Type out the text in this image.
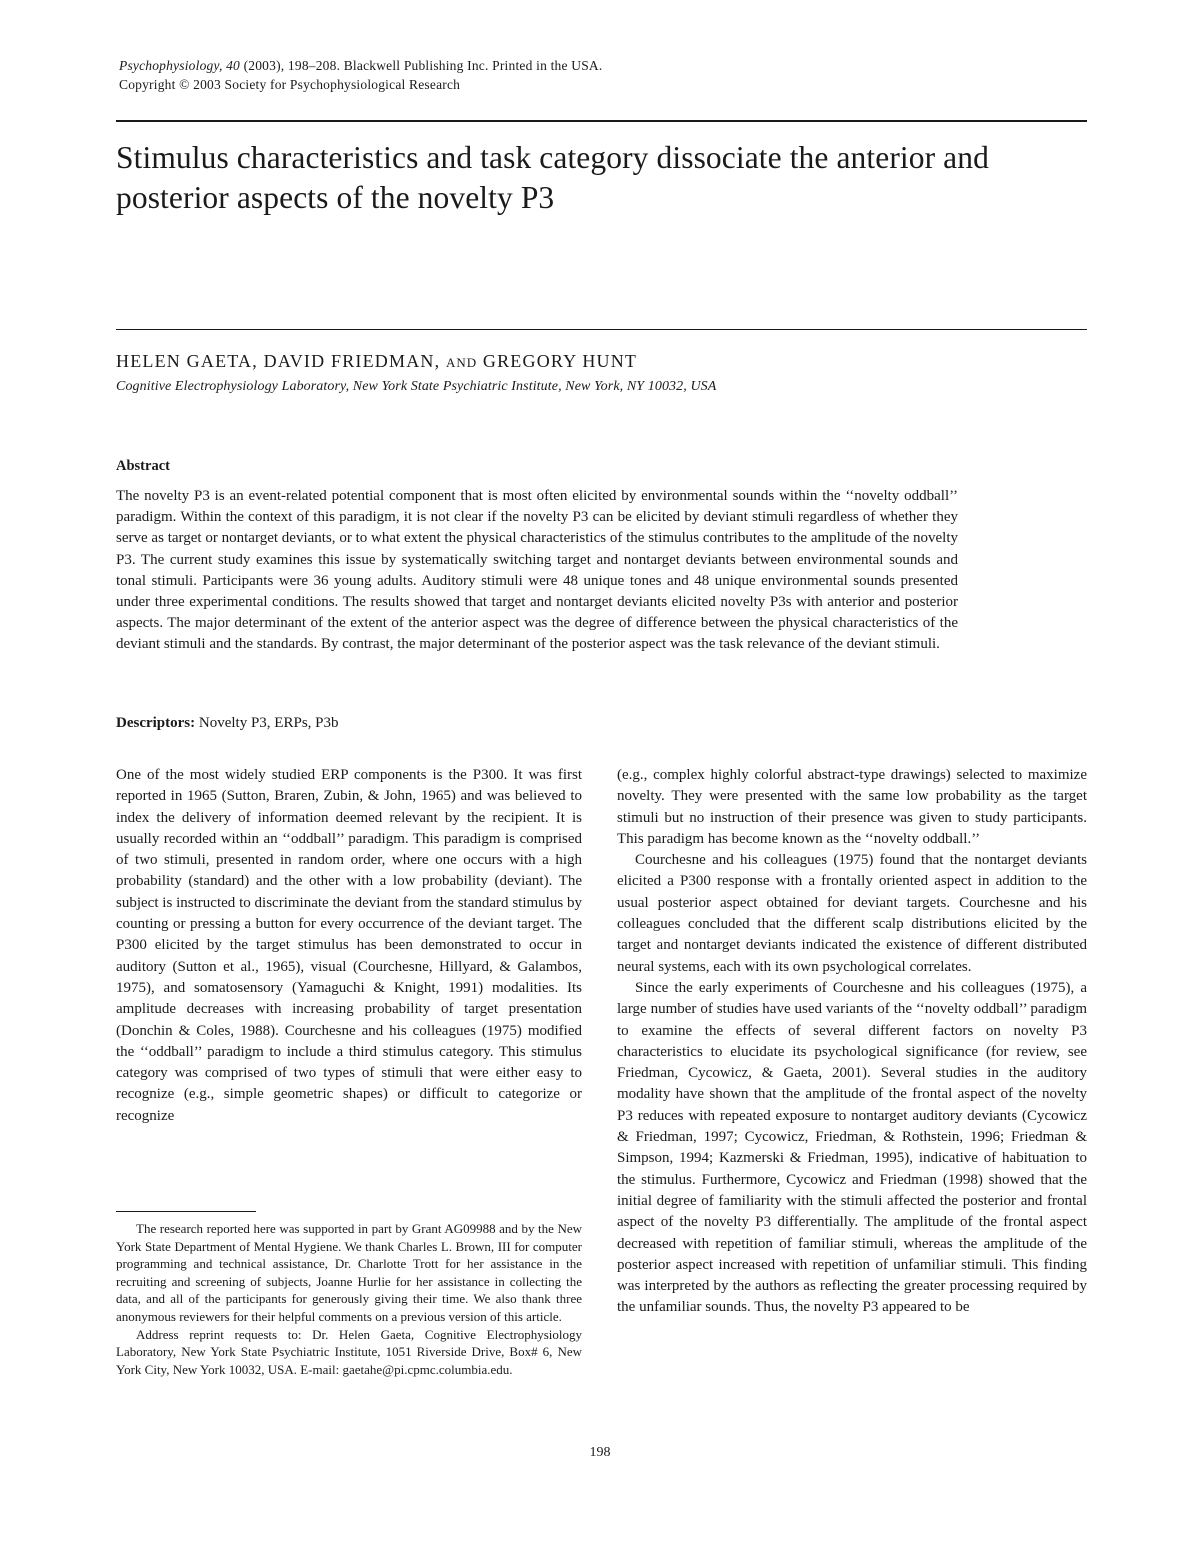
Psychophysiology, 40 (2003), 198–208. Blackwell Publishing Inc. Printed in the USA.
Copyright © 2003 Society for Psychophysiological Research
Stimulus characteristics and task category dissociate the anterior and posterior aspects of the novelty P3
HELEN GAETA, DAVID FRIEDMAN, AND GREGORY HUNT
Cognitive Electrophysiology Laboratory, New York State Psychiatric Institute, New York, NY 10032, USA
Abstract

The novelty P3 is an event-related potential component that is most often elicited by environmental sounds within the ‘‘novelty oddball’’ paradigm. Within the context of this paradigm, it is not clear if the novelty P3 can be elicited by deviant stimuli regardless of whether they serve as target or nontarget deviants, or to what extent the physical characteristics of the stimulus contributes to the amplitude of the novelty P3. The current study examines this issue by systematically switching target and nontarget deviants between environmental sounds and tonal stimuli. Participants were 36 young adults. Auditory stimuli were 48 unique tones and 48 unique environmental sounds presented under three experimental conditions. The results showed that target and nontarget deviants elicited novelty P3s with anterior and posterior aspects. The major determinant of the extent of the anterior aspect was the degree of difference between the physical characteristics of the deviant stimuli and the standards. By contrast, the major determinant of the posterior aspect was the task relevance of the deviant stimuli.

Descriptors: Novelty P3, ERPs, P3b

One of the most widely studied ERP components is the P300. It was first reported in 1965 (Sutton, Braren, Zubin, & John, 1965) and was believed to index the delivery of information deemed relevant by the recipient. It is usually recorded within an ‘‘oddball’’ paradigm. This paradigm is comprised of two stimuli, presented in random order, where one occurs with a high probability (standard) and the other with a low probability (deviant). The subject is instructed to discriminate the deviant from the standard stimulus by counting or pressing a button for every occurrence of the deviant target. The P300 elicited by the target stimulus has been demonstrated to occur in auditory (Sutton et al., 1965), visual (Courchesne, Hillyard, & Galambos, 1975), and somatosensory (Yamaguchi & Knight, 1991) modalities. Its amplitude decreases with increasing probability of target presentation (Donchin & Coles, 1988). Courchesne and his colleagues (1975) modified the ‘‘oddball’’ paradigm to include a third stimulus category. This stimulus category was comprised of two types of stimuli that were either easy to recognize (e.g., simple geometric shapes) or difficult to categorize or recognize

(e.g., complex highly colorful abstract-type drawings) selected to maximize novelty. They were presented with the same low probability as the target stimuli but no instruction of their presence was given to study participants. This paradigm has become known as the ‘‘novelty oddball.’’

Courchesne and his colleagues (1975) found that the nontarget deviants elicited a P300 response with a frontally oriented aspect in addition to the usual posterior aspect obtained for deviant targets. Courchesne and his colleagues concluded that the different scalp distributions elicited by the target and nontarget deviants indicated the existence of different distributed neural systems, each with its own psychological correlates.

Since the early experiments of Courchesne and his colleagues (1975), a large number of studies have used variants of the ‘‘novelty oddball’’ paradigm to examine the effects of several different factors on novelty P3 characteristics to elucidate its psychological significance (for review, see Friedman, Cycowicz, & Gaeta, 2001). Several studies in the auditory modality have shown that the amplitude of the frontal aspect of the novelty P3 reduces with repeated exposure to nontarget auditory deviants (Cycowicz & Friedman, 1997; Cycowicz, Friedman, & Rothstein, 1996; Friedman & Simpson, 1994; Kazmerski & Friedman, 1995), indicative of habituation to the stimulus. Furthermore, Cycowicz and Friedman (1998) showed that the initial degree of familiarity with the stimuli affected the posterior and frontal aspect of the novelty P3 differentially. The amplitude of the frontal aspect decreased with repetition of familiar stimuli, whereas the amplitude of the posterior aspect increased with repetition of unfamiliar stimuli. This finding was interpreted by the authors as reflecting the greater processing required by the unfamiliar sounds. Thus, the novelty P3 appeared to be

The research reported here was supported in part by Grant AG09988 and by the New York State Department of Mental Hygiene. We thank Charles L. Brown, III for computer programming and technical assistance, Dr. Charlotte Trott for her assistance in the recruiting and screening of subjects, Joanne Hurlie for her assistance in collecting the data, and all of the participants for generously giving their time. We also thank three anonymous reviewers for their helpful comments on a previous version of this article.

Address reprint requests to: Dr. Helen Gaeta, Cognitive Electrophysiology Laboratory, New York State Psychiatric Institute, 1051 Riverside Drive, Box# 6, New York City, New York 10032, USA. E-mail: gaetahe@pi.cpmc.columbia.edu.

198
